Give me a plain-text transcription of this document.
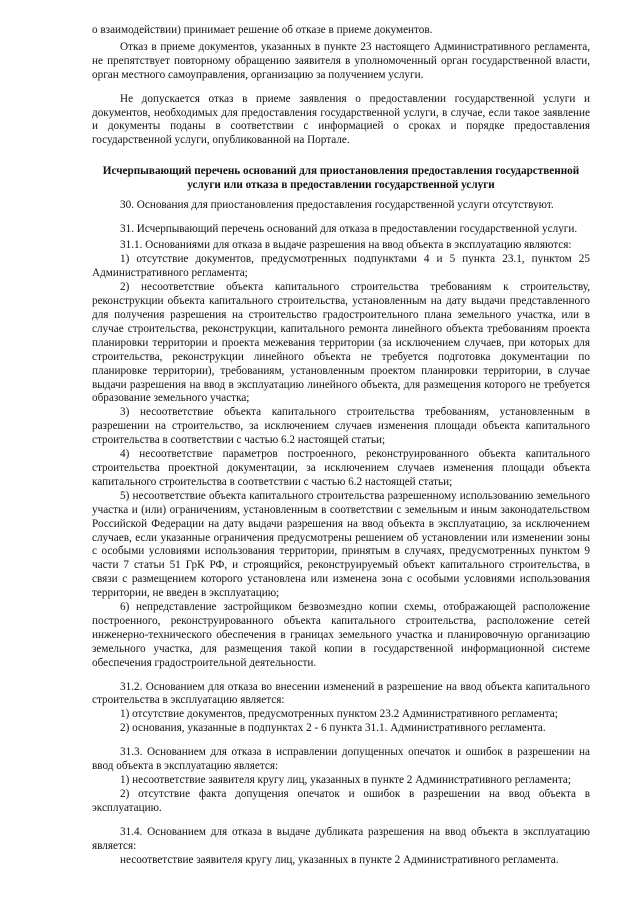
о взаимодействии) принимает решение об отказе в приеме документов.

Отказ в приеме документов, указанных в пункте 23 настоящего Административного регламента, не препятствует повторному обращению заявителя в уполномоченный орган государственной власти, орган местного самоуправления, организацию за получением услуги.

Не допускается отказ в приеме заявления о предоставлении государственной услуги и документов, необходимых для предоставления государственной услуги, в случае, если такое заявление и документы поданы в соответствии с информацией о сроках и порядке предоставления государственной услуги, опубликованной на Портале.

Исчерпывающий перечень оснований для приостановления предоставления государственной услуги или отказа в предоставлении государственной услуги

30. Основания для приостановления предоставления государственной услуги отсутствуют.

31. Исчерпывающий перечень оснований для отказа в предоставлении государственной услуги.

31.1. Основаниями для отказа в выдаче разрешения на ввод объекта в эксплуатацию являются:

1) отсутствие документов, предусмотренных подпунктами 4 и 5 пункта 23.1, пунктом 25 Административного регламента;

2) несоответствие объекта капитального строительства требованиям к строительству, реконструкции объекта капитального строительства, установленным на дату выдачи представленного для получения разрешения на строительство градостроительного плана земельного участка, или в случае строительства, реконструкции, капитального ремонта линейного объекта требованиям проекта планировки территории и проекта межевания территории (за исключением случаев, при которых для строительства, реконструкции линейного объекта не требуется подготовка документации по планировке территории), требованиям, установленным проектом планировки территории, в случае выдачи разрешения на ввод в эксплуатацию линейного объекта, для размещения которого не требуется образование земельного участка;

3) несоответствие объекта капитального строительства требованиям, установленным в разрешении на строительство, за исключением случаев изменения площади объекта капитального строительства в соответствии с частью 6.2 настоящей статьи;

4) несоответствие параметров построенного, реконструированного объекта капитального строительства проектной документации, за исключением случаев изменения площади объекта капитального строительства в соответствии с частью 6.2 настоящей статьи;

5) несоответствие объекта капитального строительства разрешенному использованию земельного участка и (или) ограничениям, установленным в соответствии с земельным и иным законодательством Российской Федерации на дату выдачи разрешения на ввод объекта в эксплуатацию, за исключением случаев, если указанные ограничения предусмотрены решением об установлении или изменении зоны с особыми условиями использования территории, принятым в случаях, предусмотренных пунктом 9 части 7 статьи 51 ГрК РФ, и строящийся, реконструируемый объект капитального строительства, в связи с размещением которого установлена или изменена зона с особыми условиями использования территории, не введен в эксплуатацию;

6) непредставление застройщиком безвозмездно копии схемы, отображающей расположение построенного, реконструированного объекта капитального строительства, расположение сетей инженерно-технического обеспечения в границах земельного участка и планировочную организацию земельного участка, для размещения такой копии в государственной информационной системе обеспечения градостроительной деятельности.

31.2. Основанием для отказа во внесении изменений в разрешение на ввод объекта капитального строительства в эксплуатацию является:

1) отсутствие документов, предусмотренных пунктом 23.2 Административного регламента;

2) основания, указанные в подпунктах 2 - 6 пункта 31.1. Административного регламента.

31.3. Основанием для отказа в исправлении допущенных опечаток и ошибок в разрешении на ввод объекта в эксплуатацию является:

1) несоответствие заявителя кругу лиц, указанных в пункте 2 Административного регламента;

2) отсутствие факта допущения опечаток и ошибок в разрешении на ввод объекта в эксплуатацию.

31.4. Основанием для отказа в выдаче дубликата разрешения на ввод объекта в эксплуатацию является:

несоответствие заявителя кругу лиц, указанных в пункте 2 Административного регламента.
